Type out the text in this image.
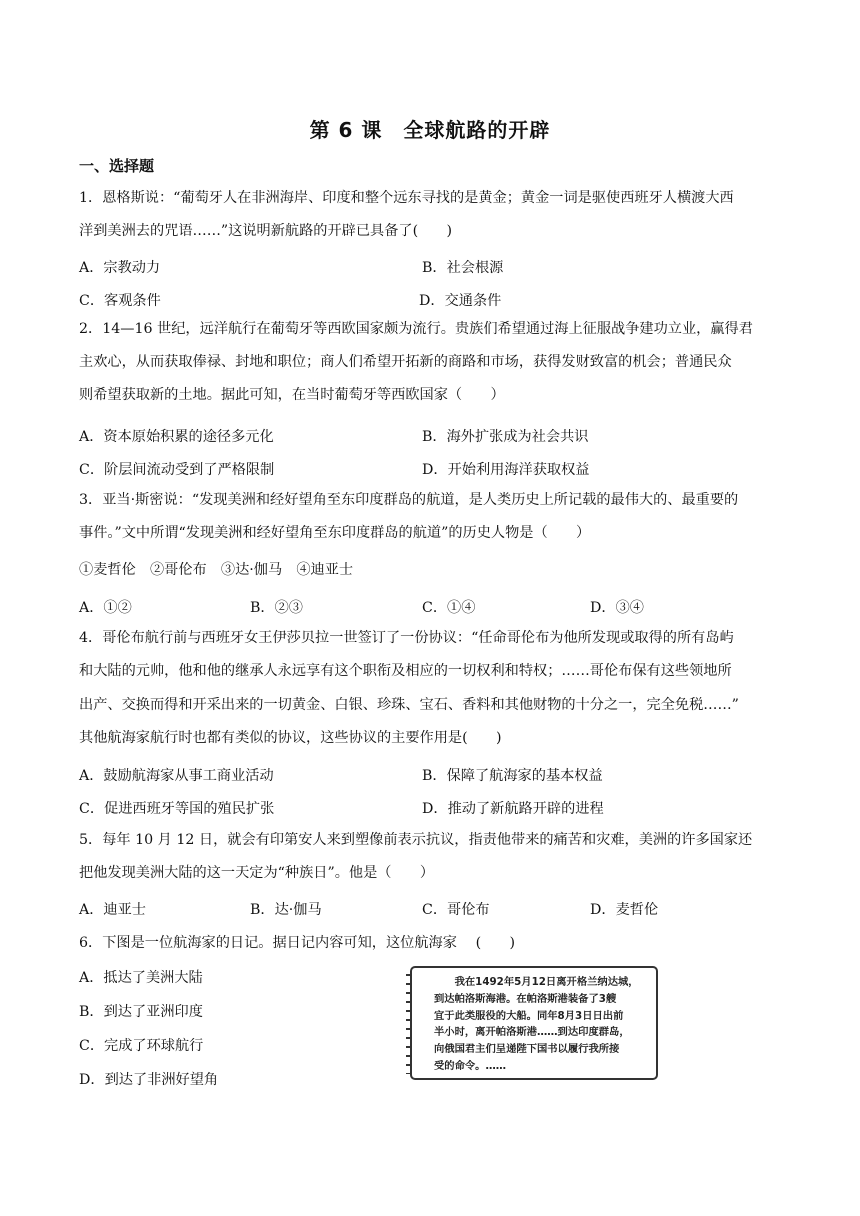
第 6 课　全球航路的开辟
一、选择题

1．恩格斯说：“葡萄牙人在非洲海岸、印度和整个远东寻找的是黄金；黄金一词是驱使西班牙人横渡大西

洋到美洲去的咒语……”这说明新航路的开辟已具备了(　　)

A．宗教动力	B．社会根源

C．客观条件	D．交通条件

2．14—16 世纪，远洋航行在葡萄牙等西欧国家颇为流行。贵族们希望通过海上征服战争建功立业，赢得君

主欢心，从而获取俸禄、封地和职位；商人们希望开拓新的商路和市场，获得发财致富的机会；普通民众

则希望获取新的土地。据此可知，在当时葡萄牙等西欧国家（　　）

A．资本原始积累的途径多元化	B．海外扩张成为社会共识

C．阶层间流动受到了严格限制	D．开始利用海洋获取权益

3．亚当·斯密说：“发现美洲和经好望角至东印度群岛的航道，是人类历史上所记载的最伟大的、最重要的

事件。”文中所谓“发现美洲和经好望角至东印度群岛的航道”的历史人物是（　　）

①麦哲伦　②哥伦布　③达·伽马　④迪亚士

A．①②	B．②③	C．①④	D．③④

4．哥伦布航行前与西班牙女王伊莎贝拉一世签订了一份协议：“任命哥伦布为他所发现或取得的所有岛屿

和大陆的元帅，他和他的继承人永远享有这个职衔及相应的一切权利和特权；……哥伦布保有这些领地所

出产、交换而得和开采出来的一切黄金、白银、珍珠、宝石、香料和其他财物的十分之一，完全免税……”

其他航海家航行时也都有类似的协议，这些协议的主要作用是(　　)

A．鼓励航海家从事工商业活动	B．保障了航海家的基本权益

C．促进西班牙等国的殖民扩张	D．推动了新航路开辟的进程

5．每年 10 月 12 日，就会有印第安人来到塑像前表示抗议，指责他带来的痛苦和灾难，美洲的许多国家还

把他发现美洲大陆的这一天定为“种族日”。他是（　　）

A．迪亚士	B．达·伽马	C．哥伦布	D．麦哲伦

6．下图是一位航海家的日记。据日记内容可知，这位航海家　 (　　)

A．抵达了美洲大陆

B．到达了亚洲印度

C．完成了环球航行

D．到达了非洲好望角

　　我在1492年5月12日离开格兰纳达城，
到达帕洛斯海港。在帕洛斯港装备了3艘
宜于此类服役的大船。同年8月3日日出前
半小时，离开帕洛斯港……到达印度群岛，
向俄国君主们呈递陛下国书以履行我所接
受的命令。……
